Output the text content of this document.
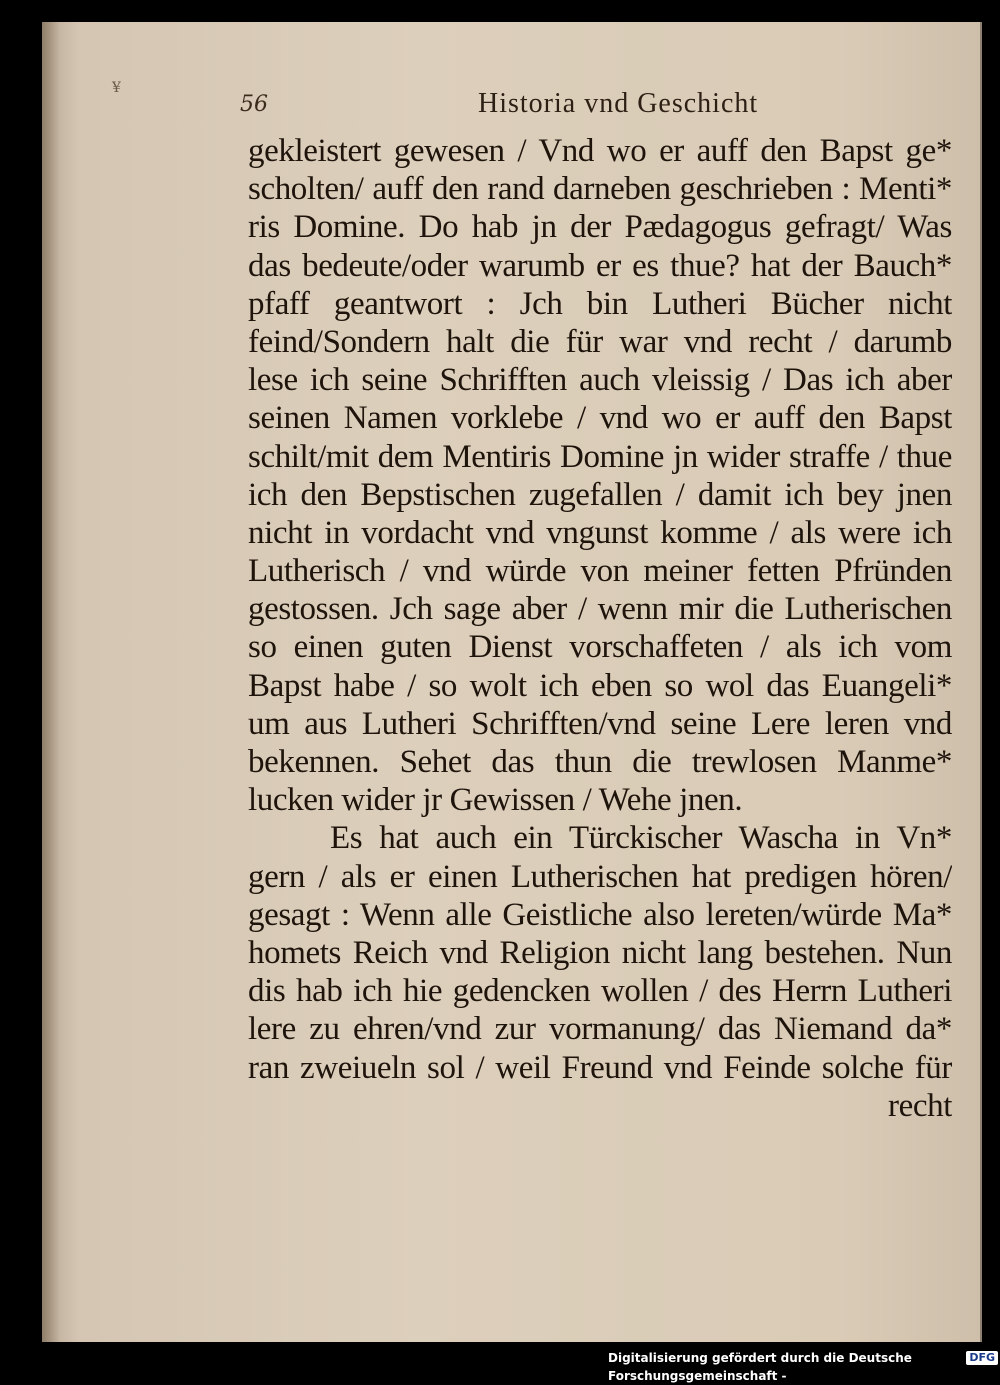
¥
56	Historia vnd Geschicht
gekleistert gewesen / Vnd wo er auff den Bapst ge*
scholten/ auff den rand darneben geschrieben : Menti*
ris Domine. Do hab jn der Pædagogus gefragt/ Was
das bedeute/oder warumb er es thue? hat der Bauch*
pfaff geantwort : Jch bin Lutheri Bücher nicht
feind/Sondern halt die für war vnd recht / darumb
lese ich seine Schrifften auch vleissig / Das ich aber
seinen Namen vorklebe / vnd wo er auff den Bapst
schilt/mit dem Mentiris Domine jn wider straffe / thue
ich den Bepstischen zugefallen / damit ich bey jnen
nicht in vordacht vnd vngunst komme / als were ich
Lutherisch / vnd würde von meiner fetten Pfründen
gestossen. Jch sage aber / wenn mir die Lutherischen
so einen guten Dienst vorschaffeten / als ich vom
Bapst habe / so wolt ich eben so wol das Euangeli*
um aus Lutheri Schrifften/vnd seine Lere leren vnd
bekennen. Sehet das thun die trewlosen Manme*
lucken wider jr Gewissen / Wehe jnen.
Es hat auch ein Türckischer Wascha in Vn*
gern / als er einen Lutherischen hat predigen hören/
gesagt : Wenn alle Geistliche also lereten/würde Ma*
homets Reich vnd Religion nicht lang bestehen. Nun
dis hab ich hie gedencken wollen / des Herrn Lutheri
lere zu ehren/vnd zur vormanung/ das Niemand da*
ran zweiueln sol / weil Freund vnd Feinde solche für
recht
Digitalisierung gefördert durch die Deutsche Forschungsgemeinschaft -
DFG
